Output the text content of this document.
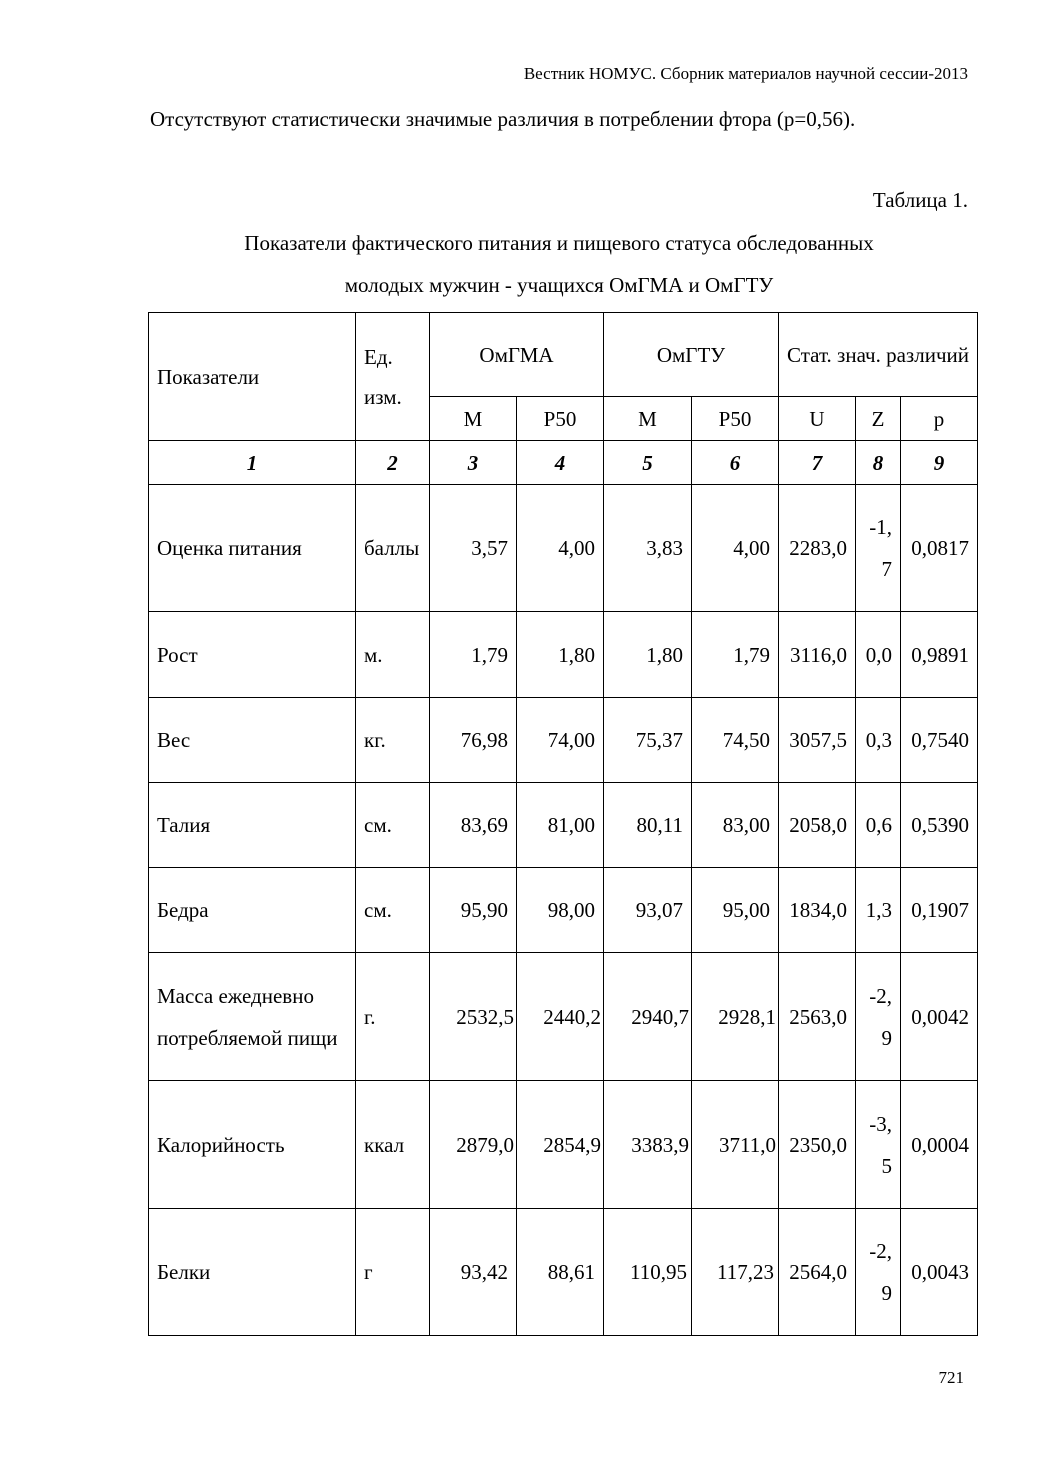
Вестник НОМУС. Сборник материалов научной сессии-2013
Отсутствуют статистически значимые различия в потреблении фтора (р=0,56).
Таблица 1.
Показатели фактического питания и пищевого статуса обследованных
молодых мужчин - учащихся ОмГМА и ОмГТУ
Показатели	Ед. изм.	ОмГМА		ОмГТУ		Стат. знач. различий		
		M	P50	M	P50	U	Z	p
1	2	3	4	5	6	7	8	9
Оценка питания	баллы	3,57	4,00	3,83	4,00	2283,0	-1,7	0,0817
Рост	м.	1,79	1,80	1,80	1,79	3116,0	0,0	0,9891
Вес	кг.	76,98	74,00	75,37	74,50	3057,5	0,3	0,7540
Талия	см.	83,69	81,00	80,11	83,00	2058,0	0,6	0,5390
Бедра	см.	95,90	98,00	93,07	95,00	1834,0	1,3	0,1907
Масса ежедневно потребляемой пищи	г.	2532,5	2440,2	2940,7	2928,1	2563,0	-2,9	0,0042
Калорийность	ккал	2879,0	2854,9	3383,9	3711,0	2350,0	-3,5	0,0004
Белки	г	93,42	88,61	110,95	117,23	2564,0	-2,9	0,0043
721
